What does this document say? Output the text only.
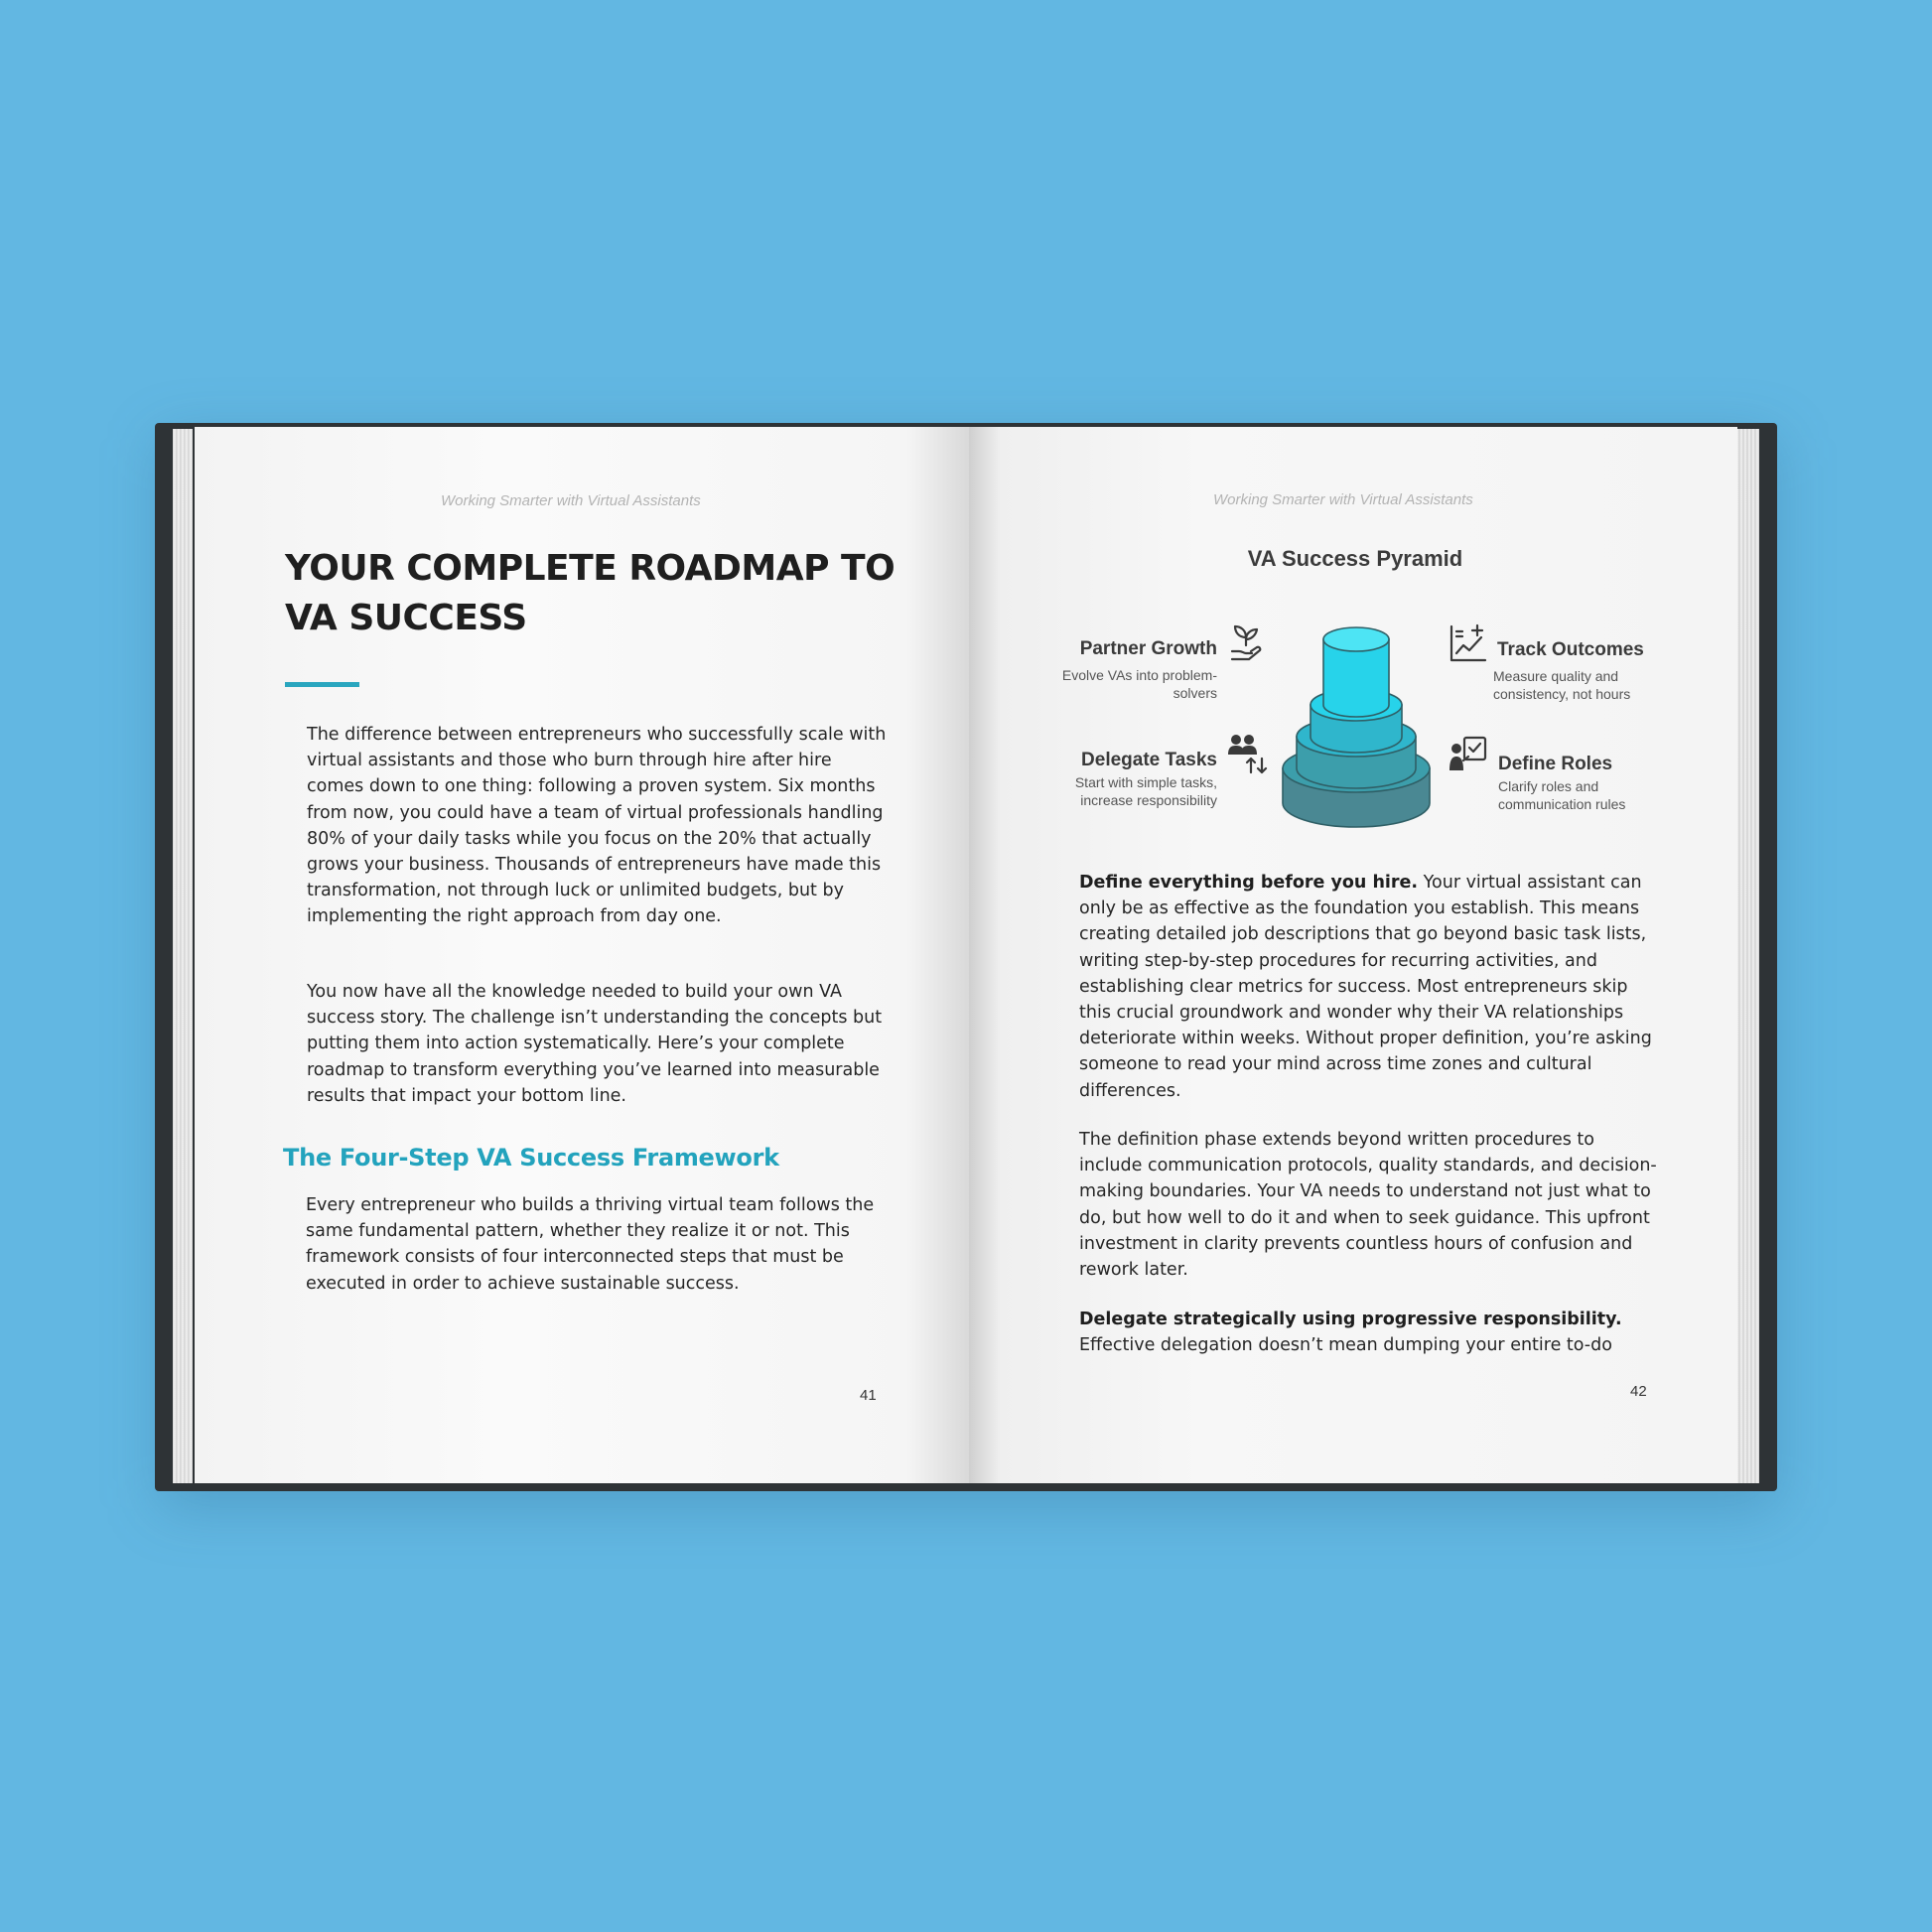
Working Smarter with Virtual Assistants
YOUR COMPLETE ROADMAP TO VA SUCCESS

The difference between entrepreneurs who successfully scale with virtual assistants and those who burn through hire after hire comes down to one thing: following a proven system. Six months from now, you could have a team of virtual professionals handling 80% of your daily tasks while you focus on the 20% that actually grows your business. Thousands of entrepreneurs have made this transformation, not through luck or unlimited budgets, but by implementing the right approach from day one.

You now have all the knowledge needed to build your own VA success story. The challenge isn’t understanding the concepts but putting them into action systematically. Here’s your complete roadmap to transform everything you’ve learned into measurable results that impact your bottom line.

The Four-Step VA Success Framework

Every entrepreneur who builds a thriving virtual team follows the same fundamental pattern, whether they realize it or not. This framework consists of four interconnected steps that must be executed in order to achieve sustainable success.

41
Working Smarter with Virtual Assistants
VA Success Pyramid
Partner Growth
Evolve VAs into problem-solvers
Track Outcomes
Measure quality and consistency, not hours
Delegate Tasks
Start with simple tasks, increase responsibility
Define Roles
Clarify roles and communication rules

Define everything before you hire. Your virtual assistant can only be as effective as the foundation you establish. This means creating detailed job descriptions that go beyond basic task lists, writing step-by-step procedures for recurring activities, and establishing clear metrics for success. Most entrepreneurs skip this crucial groundwork and wonder why their VA relationships deteriorate within weeks. Without proper definition, you’re asking someone to read your mind across time zones and cultural differences.

The definition phase extends beyond written procedures to include communication protocols, quality standards, and decision-making boundaries. Your VA needs to understand not just what to do, but how well to do it and when to seek guidance. This upfront investment in clarity prevents countless hours of confusion and rework later.

Delegate strategically using progressive responsibility.
Effective delegation doesn’t mean dumping your entire to-do

42
